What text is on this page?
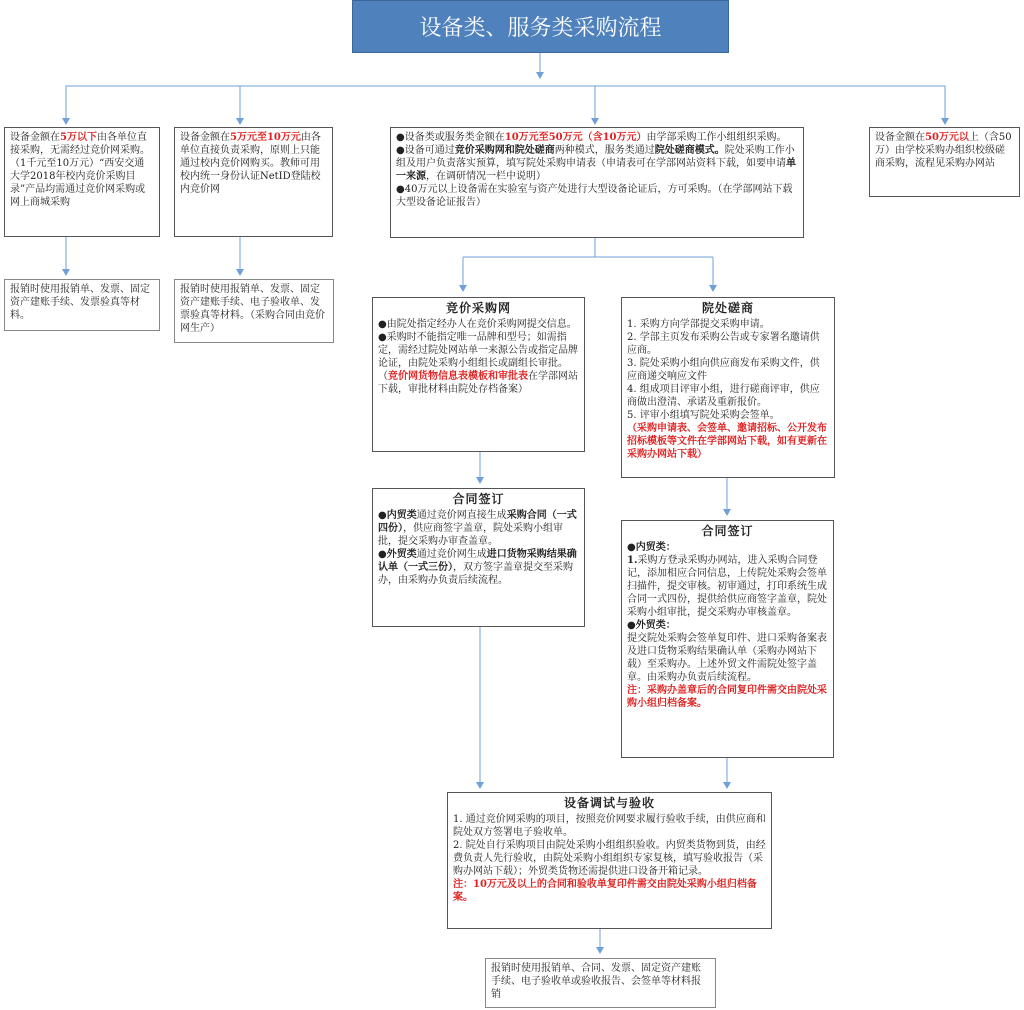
设备类、服务类采购流程
设备金额在5万以下由各单位直接采购，无需经过竞价网采购。（1千元至10万元）“西安交通大学2018年校内竞价采购目录”产品均需通过竞价网采购或网上商城采购
报销时使用报销单、发票、固定资产建账手续、发票验真等材料。
设备金额在5万元至10万元由各单位直接负责采购，原则上只能通过校内竞价网购买。教师可用校内统一身份认证NetID登陆校内竞价网
报销时使用报销单、发票、固定资产建账手续、电子验收单、发票验真等材料。（采购合同由竞价网生产）

●设备类或服务类金额在10万元至50万元（含10万元）由学部采购工作小组组织采购。

●设备可通过竞价采购网和院处磋商两种模式，服务类通过院处磋商模式。院处采购工作小组及用户负责落实预算，填写院处采购申请表（申请表可在学部网站资料下载，如要申请单一来源，在调研情况一栏中说明）

●40万元以上设备需在实验室与资产处进行大型设备论证后，方可采购。（在学部网站下载大型设备论证报告）

设备金额在50万元以上（含50万）由学校采购办组织校级磋商采购，流程见采购办网站
竞价采购网

●由院处指定经办人在竞价采购网提交信息。

●采购时不能指定唯一品牌和型号；如需指定，需经过院处网站单一来源公告或指定品牌论证，由院处采购小组组长或副组长审批。

（竞价网货物信息表模板和审批表在学部网站下载，审批材料由院处存档备案）

院处磋商

1. 采购方向学部提交采购申请。

2. 学部主页发布采购公告或专家署名邀请供应商。

3. 院处采购小组向供应商发布采购文件，供应商递交响应文件

4. 组成项目评审小组，进行磋商评审，供应商做出澄清、承诺及重新报价。

5. 评审小组填写院处采购会签单。

（采购申请表、会签单、邀请招标、公开发布招标模板等文件在学部网站下载，如有更新在采购办网站下载）

合同签订

●内贸类通过竞价网直接生成采购合同（一式四份），供应商签字盖章，院处采购小组审批，提交采购办审查盖章。

●外贸类通过竞价网生成进口货物采购结果确认单（一式三份），双方签字盖章提交至采购办，由采购办负责后续流程。

合同签订

●内贸类：

1.采购方登录采购办网站，进入采购合同登记，添加相应合同信息，上传院处采购会签单扫描件，提交审核。初审通过，打印系统生成合同一式四份，提供给供应商签字盖章，院处采购小组审批，提交采购办审核盖章。

●外贸类：

提交院处采购会签单复印件、进口采购备案表及进口货物采购结果确认单（采购办网站下载）至采购办。上述外贸文件需院处签字盖章。由采购办负责后续流程。

注：采购办盖章后的合同复印件需交由院处采购小组归档备案。

设备调试与验收

1. 通过竞价网采购的项目，按照竞价网要求履行验收手续，由供应商和院处双方签署电子验收单。

2. 院处自行采购项目由院处采购小组组织验收。内贸类货物到货，由经费负责人先行验收，由院处采购小组组织专家复核，填写验收报告（采购办网站下载）；外贸类货物还需提供进口设备开箱记录。

注：10万元及以上的合同和验收单复印件需交由院处采购小组归档备案。

报销时使用报销单、合同、发票、固定资产建账手续、电子验收单或验收报告、会签单等材料报销
